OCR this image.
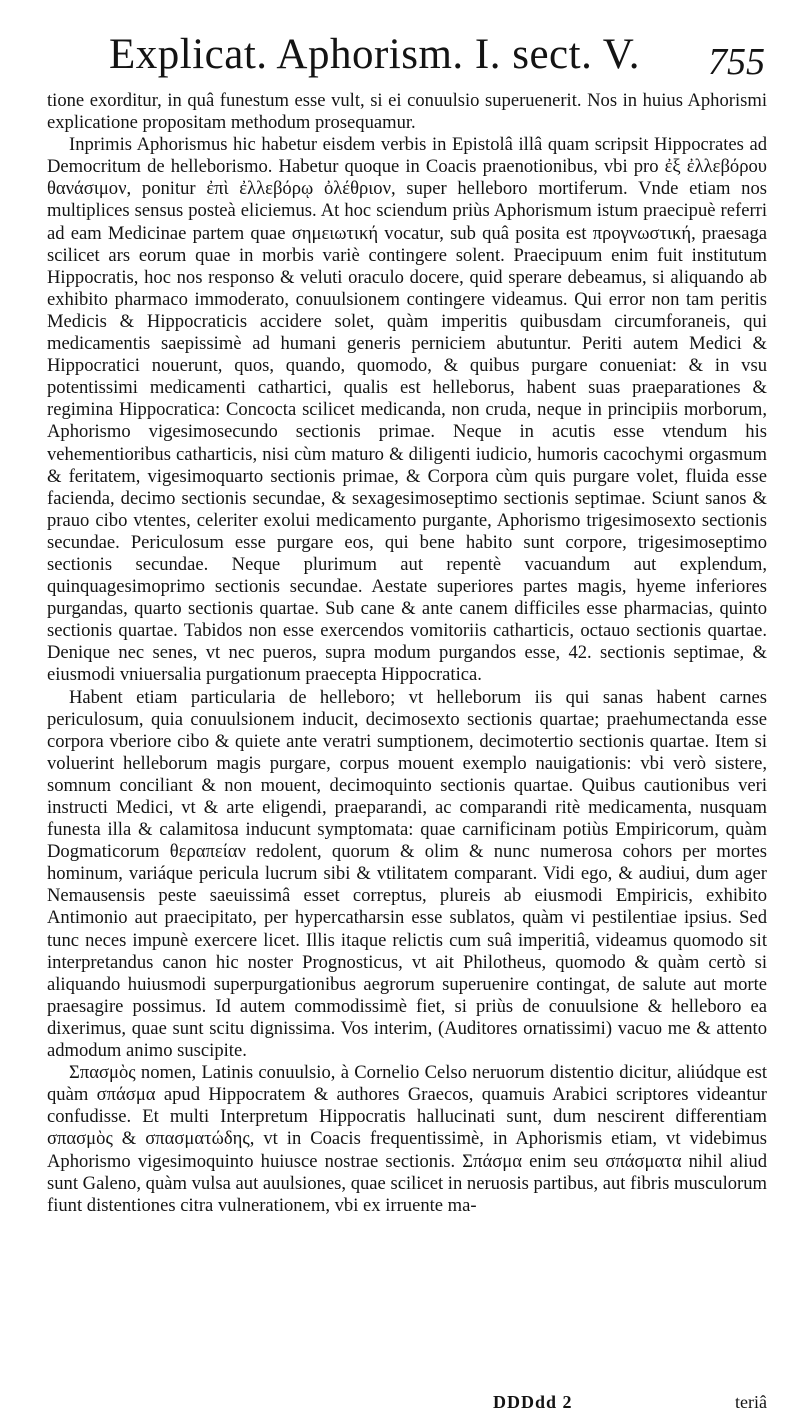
Explicat. Aphorism. I. sect. V. 755

tione exorditur, in quâ funestum esse vult, si ei conuulsio superuenerit. Nos in huius Aphorismi explicatione propositam methodum prosequamur.

Inprimis Aphorismus hic habetur eisdem verbis in Epistolâ illâ quam scripsit Hippocrates ad Democritum de helleborismo. Habetur quoque in Coacis praenotionibus, vbi pro ἐξ ἐλλεβόρου θανάσιμον, ponitur ἐπὶ ἐλλεβόρῳ ὀλέθριον, super helleboro mortiferum. Vnde etiam nos multiplices sensus posteà eliciemus. At hoc sciendum priùs Aphorismum istum praecipuè referri ad eam Medicinae partem quae σημειωτική vocatur, sub quâ posita est προγνωστική, praesaga scilicet ars eorum quae in morbis variè contingere solent. Praecipuum enim fuit institutum Hippocratis, hoc nos responso & veluti oraculo docere, quid sperare debeamus, si aliquando ab exhibito pharmaco immoderato, conuulsionem contingere videamus. Qui error non tam peritis Medicis & Hippocraticis accidere solet, quàm imperitis quibusdam circumforaneis, qui medicamentis saepissimè ad humani generis perniciem abutuntur. Periti autem Medici & Hippocratici nouerunt, quos, quando, quomodo, & quibus purgare conueniat: & in vsu potentissimi medicamenti cathartici, qualis est helleborus, habent suas praeparationes & regimina Hippocratica: Concocta scilicet medicanda, non cruda, neque in principiis morborum, Aphorismo vigesimosecundo sectionis primae. Neque in acutis esse vtendum his vehementioribus catharticis, nisi cùm maturo & diligenti iudicio, humoris cacochymi orgasmum & feritatem, vigesimoquarto sectionis primae, & Corpora cùm quis purgare volet, fluida esse facienda, decimo sectionis secundae, & sexagesimoseptimo sectionis septimae. Sciunt sanos & prauo cibo vtentes, celeriter exolui medicamento purgante, Aphorismo trigesimosexto sectionis secundae. Periculosum esse purgare eos, qui bene habito sunt corpore, trigesimoseptimo sectionis secundae. Neque plurimum aut repentè vacuandum aut explendum, quinquagesimoprimo sectionis secundae. Aestate superiores partes magis, hyeme inferiores purgandas, quarto sectionis quartae. Sub cane & ante canem difficiles esse pharmacias, quinto sectionis quartae. Tabidos non esse exercendos vomitoriis catharticis, octauo sectionis quartae. Denique nec senes, vt nec pueros, supra modum purgandos esse, 42. sectionis septimae, & eiusmodi vniuersalia purgationum praecepta Hippocratica.

Habent etiam particularia de helleboro; vt helleborum iis qui sanas habent carnes periculosum, quia conuulsionem inducit, decimosexto sectionis quartae; praehumectanda esse corpora vberiore cibo & quiete ante veratri sumptionem, decimotertio sectionis quartae. Item si voluerint helleborum magis purgare, corpus mouent exemplo nauigationis: vbi verò sistere, somnum conciliant & non mouent, decimoquinto sectionis quartae. Quibus cautionibus veri instructi Medici, vt & arte eligendi, praeparandi, ac comparandi ritè medicamenta, nusquam funesta illa & calamitosa inducunt symptomata: quae carnificinam potiùs Empiricorum, quàm Dogmaticorum θεραπείαν redolent, quorum & olim & nunc numerosa cohors per mortes hominum, variáque pericula lucrum sibi & vtilitatem comparant. Vidi ego, & audiui, dum ager Nemausensis peste saeuissimâ esset correptus, plureis ab eiusmodi Empiricis, exhibito Antimonio aut praecipitato, per hypercatharsin esse sublatos, quàm vi pestilentiae ipsius. Sed tunc neces impunè exercere licet. Illis itaque relictis cum suâ imperitiâ, videamus quomodo sit interpretandus canon hic noster Prognosticus, vt ait Philotheus, quomodo & quàm certò si aliquando huiusmodi superpurgationibus aegrorum superuenire contingat, de salute aut morte praesagire possimus. Id autem commodissimè fiet, si priùs de conuulsione & helleboro ea dixerimus, quae sunt scitu dignissima. Vos interim, (Auditores ornatissimi) vacuo me & attento admodum animo suscipite.

Σπασμὸς nomen, Latinis conuulsio, à Cornelio Celso neruorum distentio dicitur, aliúdque est quàm σπάσμα apud Hippocratem & authores Graecos, quamuis Arabici scriptores videantur confudisse. Et multi Interpretum Hippocratis hallucinati sunt, dum nescirent differentiam σπασμὸς & σπασματώδης, vt in Coacis frequentissimè, in Aphorismis etiam, vt videbimus Aphorismo vigesimoquinto huiusce nostrae sectionis. Σπάσμα enim seu σπάσματα nihil aliud sunt Galeno, quàm vulsa aut auulsiones, quae scilicet in neruosis partibus, aut fibris musculorum fiunt distentiones citra vulnerationem, vbi ex irruente ma-

DDDdd 2	teriâ
